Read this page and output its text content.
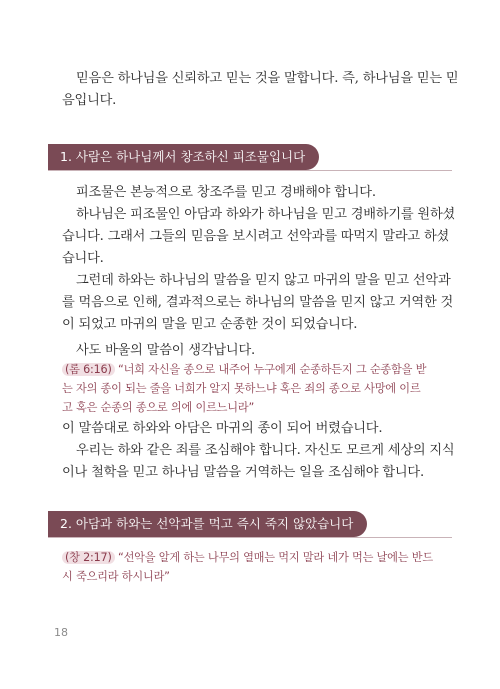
믿음은 하나님을 신뢰하고 믿는 것을 말합니다. 즉, 하나님을 믿는 믿
음입니다.
1. 사람은 하나님께서 창조하신 피조물입니다
피조물은 본능적으로 창조주를 믿고 경배해야 합니다.
하나님은 피조물인 아담과 하와가 하나님을 믿고 경배하기를 원하셨
습니다. 그래서 그들의 믿음을 보시려고 선악과를 따먹지 말라고 하셨
습니다.
그런데 하와는 하나님의 말씀을 믿지 않고 마귀의 말을 믿고 선악과
를 먹음으로 인해, 결과적으로는 하나님의 말씀을 믿지 않고 거역한 것
이 되었고 마귀의 말을 믿고 순종한 것이 되었습니다.
사도 바울의 말씀이 생각납니다.
(롬 6:16) “너희 자신을 종으로 내주어 누구에게 순종하든지 그 순종함을 받
는 자의 종이 되는 줄을 너희가 알지 못하느냐 혹은 죄의 종으로 사망에 이르
고 혹은 순종의 종으로 의에 이르느니라”
이 말씀대로 하와와 아담은 마귀의 종이 되어 버렸습니다.
우리는 하와 같은 죄를 조심해야 합니다. 자신도 모르게 세상의 지식
이나 철학을 믿고 하나님 말씀을 거역하는 일을 조심해야 합니다.
2. 아담과 하와는 선악과를 먹고 즉시 죽지 않았습니다
(창 2:17) “선악을 알게 하는 나무의 열매는 먹지 말라 네가 먹는 날에는 반드
시 죽으리라 하시니라”
18
